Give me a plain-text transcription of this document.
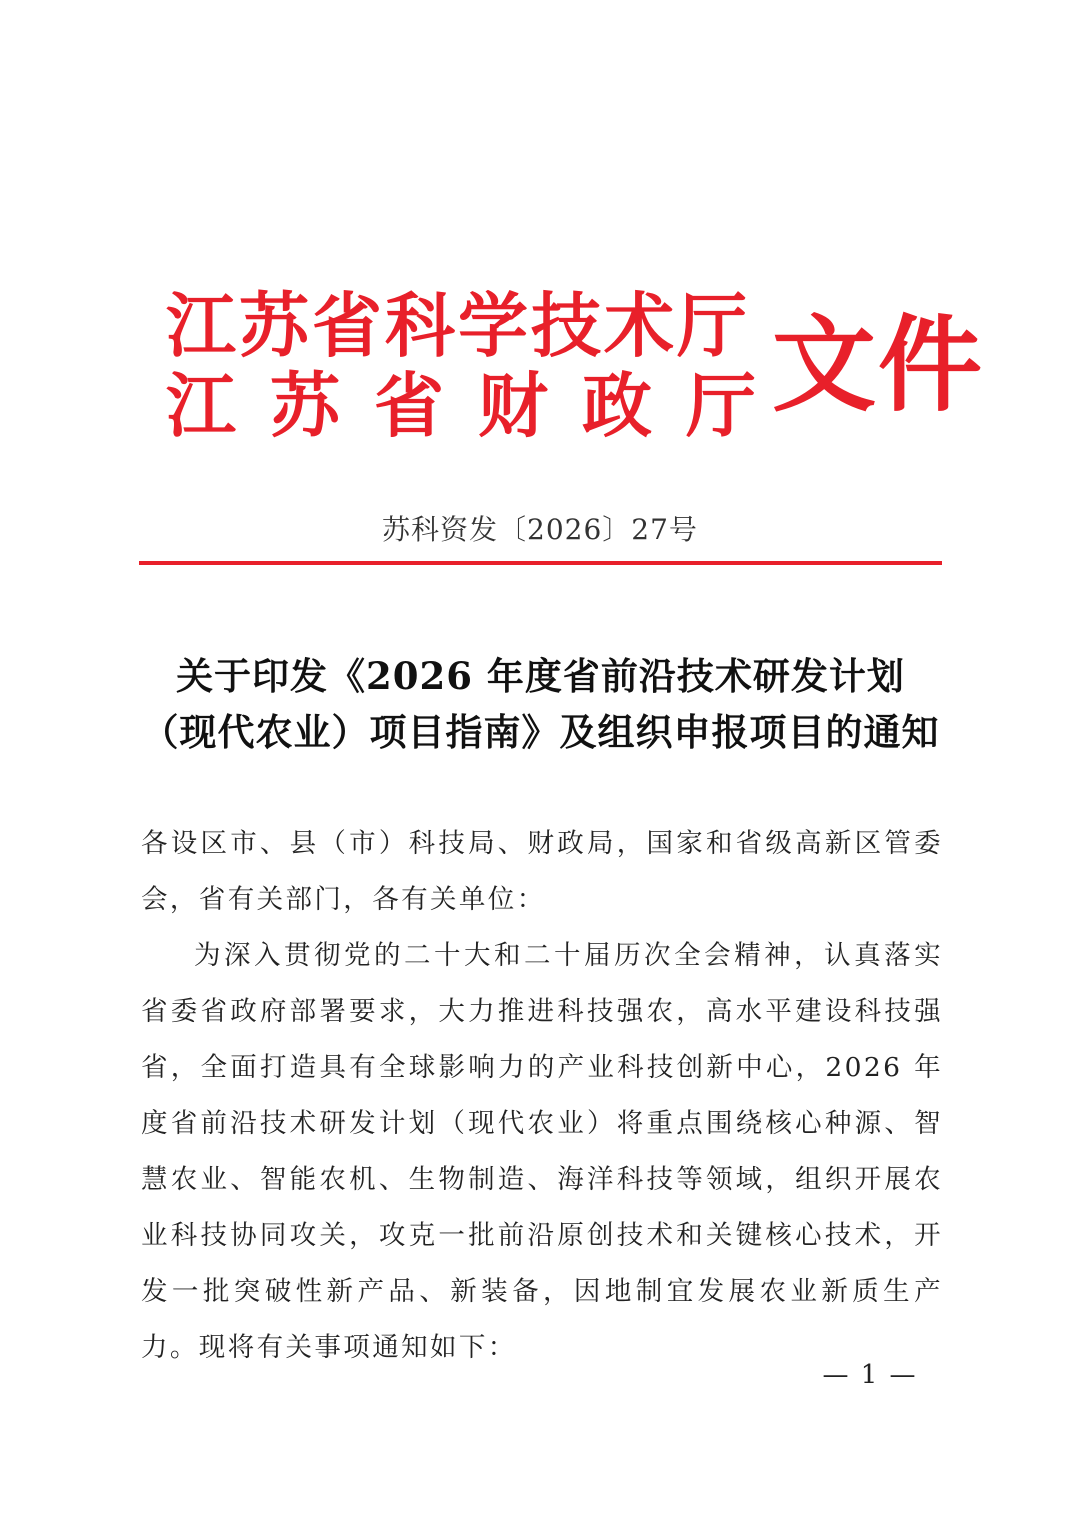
江苏省科学技术厅
江苏省财政厅
文件
苏科资发〔2026〕27号
关于印发《2026 年度省前沿技术研发计划
（现代农业）项目指南》及组织申报项目的通知

各设区市、县（市）科技局、财政局，国家和省级高新区管委会，省有关部门，各有关单位：

为深入贯彻党的二十大和二十届历次全会精神，认真落实省委省政府部署要求，大力推进科技强农，高水平建设科技强省，全面打造具有全球影响力的产业科技创新中心，2026 年度省前沿技术研发计划（现代农业）将重点围绕核心种源、智慧农业、智能农机、生物制造、海洋科技等领域，组织开展农业科技协同攻关，攻克一批前沿原创技术和关键核心技术，开发一批突破性新产品、新装备，因地制宜发展农业新质生产力。现将有关事项通知如下：

— 1 —
